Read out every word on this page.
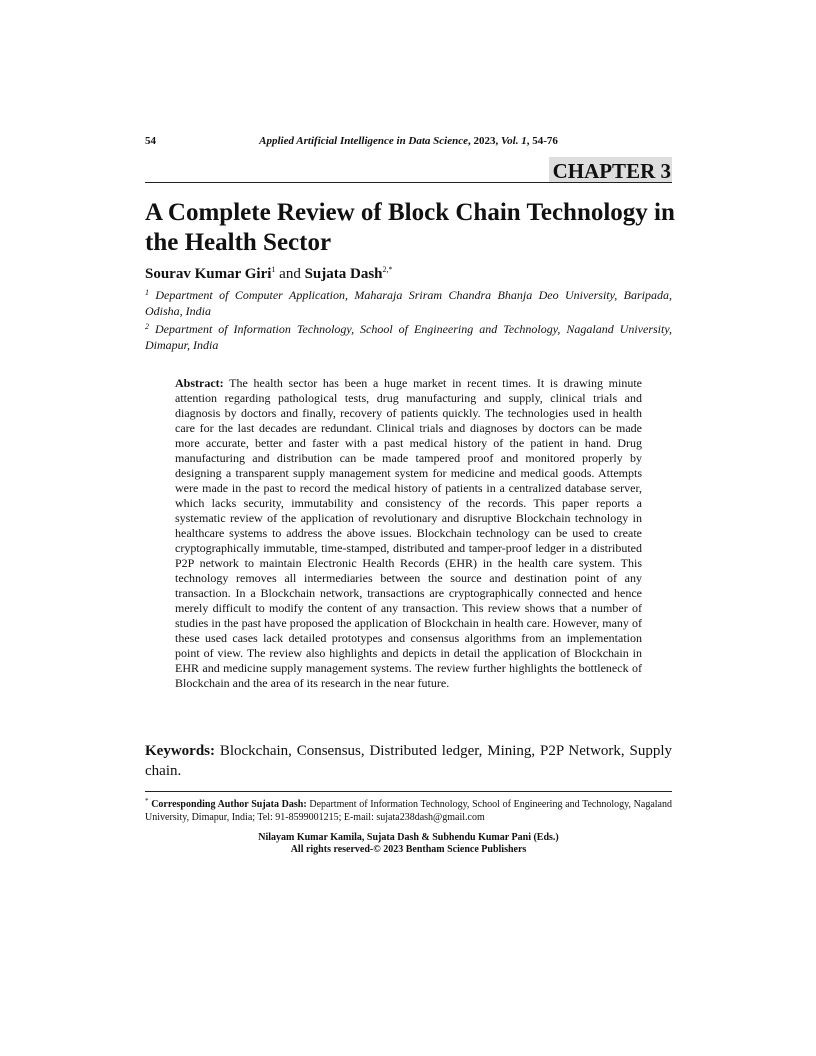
54	Applied Artificial Intelligence in Data Science, 2023, Vol. 1, 54-76
CHAPTER 3
A Complete Review of Block Chain Technology in the Health Sector
Sourav Kumar Giri$^1$ and Sujata Dash$^{2,*}$
$^1$ Department of Computer Application, Maharaja Sriram Chandra Bhanja Deo University, Baripada, Odisha, India
$^2$ Department of Information Technology, School of Engineering and Technology, Nagaland University, Dimapur, India

Abstract: The health sector has been a huge market in recent times. It is drawing minute attention regarding pathological tests, drug manufacturing and supply, clinical trials and diagnosis by doctors and finally, recovery of patients quickly. The technologies used in health care for the last decades are redundant. Clinical trials and diagnoses by doctors can be made more accurate, better and faster with a past medical history of the patient in hand. Drug manufacturing and distribution can be made tampered proof and monitored properly by designing a transparent supply management system for medicine and medical goods. Attempts were made in the past to record the medical history of patients in a centralized database server, which lacks security, immutability and consistency of the records. This paper reports a systematic review of the application of revolutionary and disruptive Blockchain technology in healthcare systems to address the above issues. Blockchain technology can be used to create cryptographically immutable, time-stamped, distributed and tamper-proof ledger in a distributed P2P network to maintain Electronic Health Records (EHR) in the health care system. This technology removes all intermediaries between the source and destination point of any transaction. In a Blockchain network, transactions are cryptographically connected and hence merely difficult to modify the content of any transaction. This review shows that a number of studies in the past have proposed the application of Blockchain in health care. However, many of these used cases lack detailed prototypes and consensus algorithms from an implementation point of view. The review also highlights and depicts in detail the application of Blockchain in EHR and medicine supply management systems. The review further highlights the bottleneck of Blockchain and the area of its research in the near future.

Keywords: Blockchain, Consensus, Distributed ledger, Mining, P2P Network, Supply chain.

* Corresponding Author Sujata Dash: Department of Information Technology, School of Engineering and Technology, Nagaland University, Dimapur, India; Tel: 91-8599001215; E-mail: sujata238dash@gmail.com

Nilayam Kumar Kamila, Sujata Dash & Subhendu Kumar Pani (Eds.)
All rights reserved-© 2023 Bentham Science Publishers
